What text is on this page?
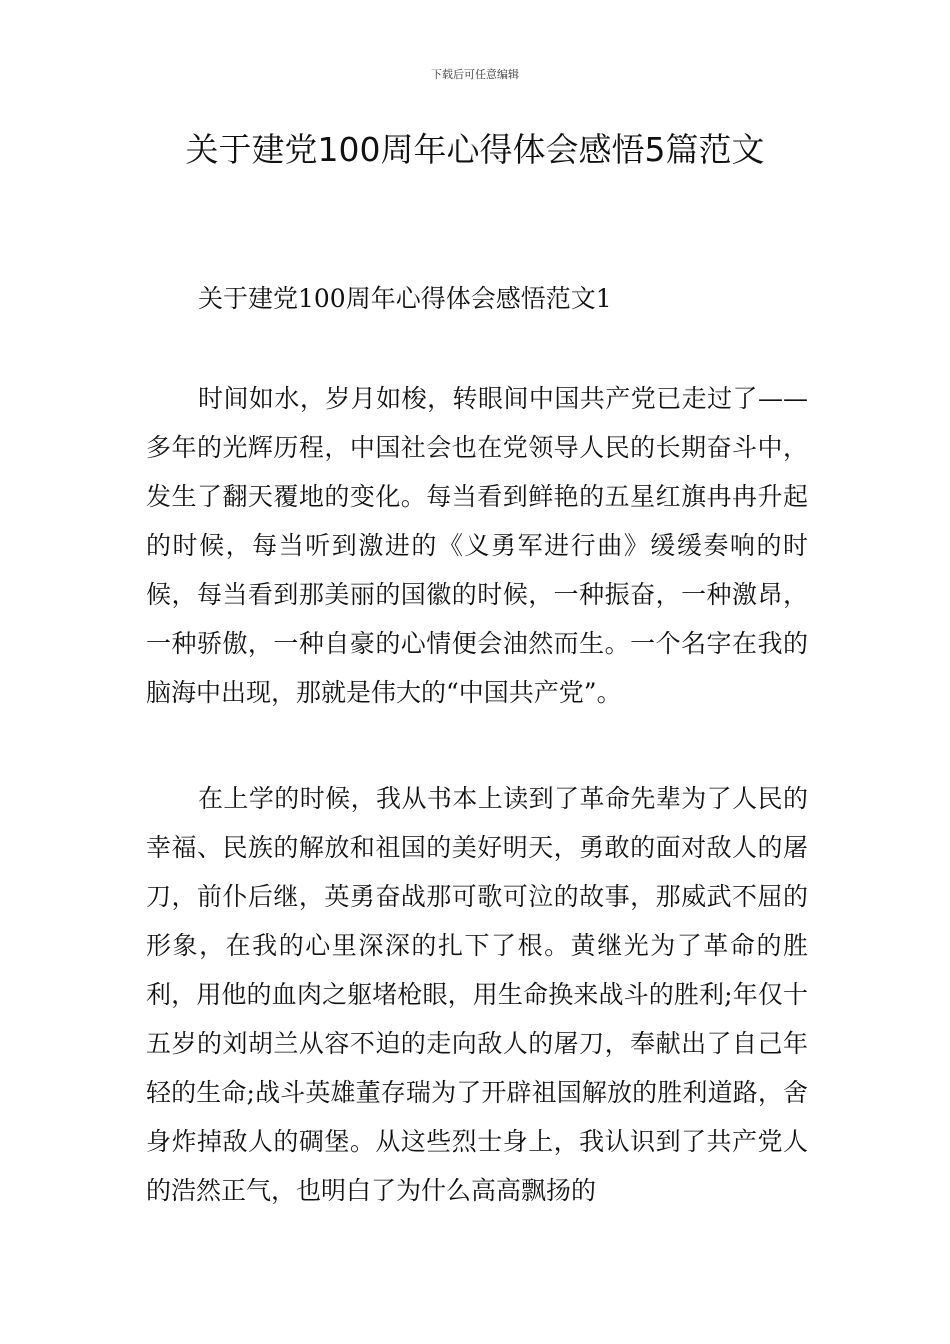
下载后可任意编辑
关于建党100周年心得体会感悟5篇范文
关于建党100周年心得体会感悟范文1

时间如水，岁月如梭，转眼间中国共产党已走过了——多年的光辉历程，中国社会也在党领导人民的长期奋斗中，发生了翻天覆地的变化。每当看到鲜艳的五星红旗冉冉升起的时候，每当听到激进的《义勇军进行曲》缓缓奏响的时候，每当看到那美丽的国徽的时候，一种振奋，一种激昂，一种骄傲，一种自豪的心情便会油然而生。一个名字在我的脑海中出现，那就是伟大的“中国共产党”。

在上学的时候，我从书本上读到了革命先辈为了人民的幸福、民族的解放和祖国的美好明天，勇敢的面对敌人的屠刀，前仆后继，英勇奋战那可歌可泣的故事，那威武不屈的形象，在我的心里深深的扎下了根。黄继光为了革命的胜利，用他的血肉之躯堵枪眼，用生命换来战斗的胜利;年仅十五岁的刘胡兰从容不迫的走向敌人的屠刀，奉献出了自己年轻的生命;战斗英雄董存瑞为了开辟祖国解放的胜利道路，舍身炸掉敌人的碉堡。从这些烈士身上，我认识到了共产党人的浩然正气，也明白了为什么高高飘扬的
